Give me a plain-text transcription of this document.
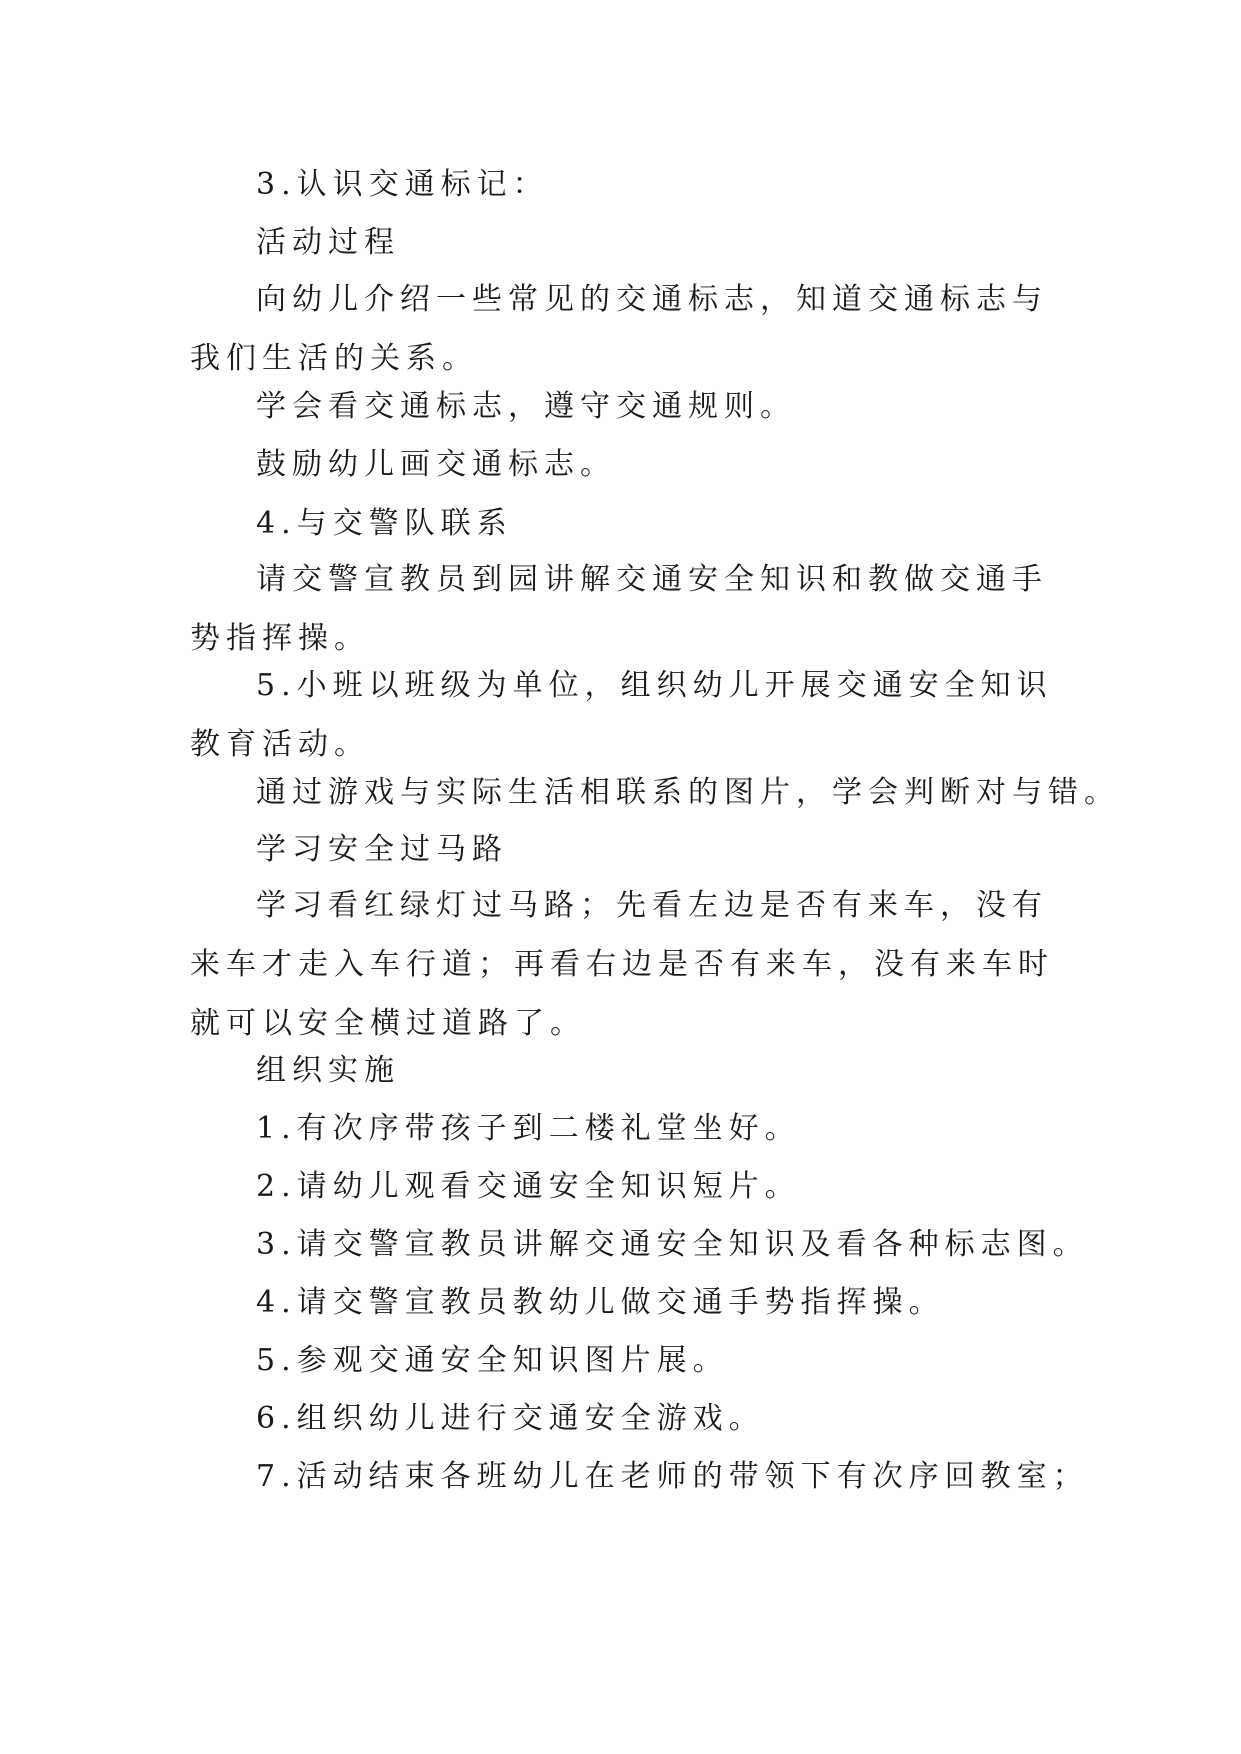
3.认识交通标记：

活动过程

向幼儿介绍一些常见的交通标志，知道交通标志与我们生活的关系。

学会看交通标志，遵守交通规则。

鼓励幼儿画交通标志。

4.与交警队联系

请交警宣教员到园讲解交通安全知识和教做交通手势指挥操。

5.小班以班级为单位，组织幼儿开展交通安全知识教育活动。

通过游戏与实际生活相联系的图片，学会判断对与错。

学习安全过马路

学习看红绿灯过马路；先看左边是否有来车，没有来车才走入车行道；再看右边是否有来车，没有来车时就可以安全横过道路了。

组织实施

1.有次序带孩子到二楼礼堂坐好。

2.请幼儿观看交通安全知识短片。

3.请交警宣教员讲解交通安全知识及看各种标志图。

4.请交警宣教员教幼儿做交通手势指挥操。

5.参观交通安全知识图片展。

6.组织幼儿进行交通安全游戏。

7.活动结束各班幼儿在老师的带领下有次序回教室；
